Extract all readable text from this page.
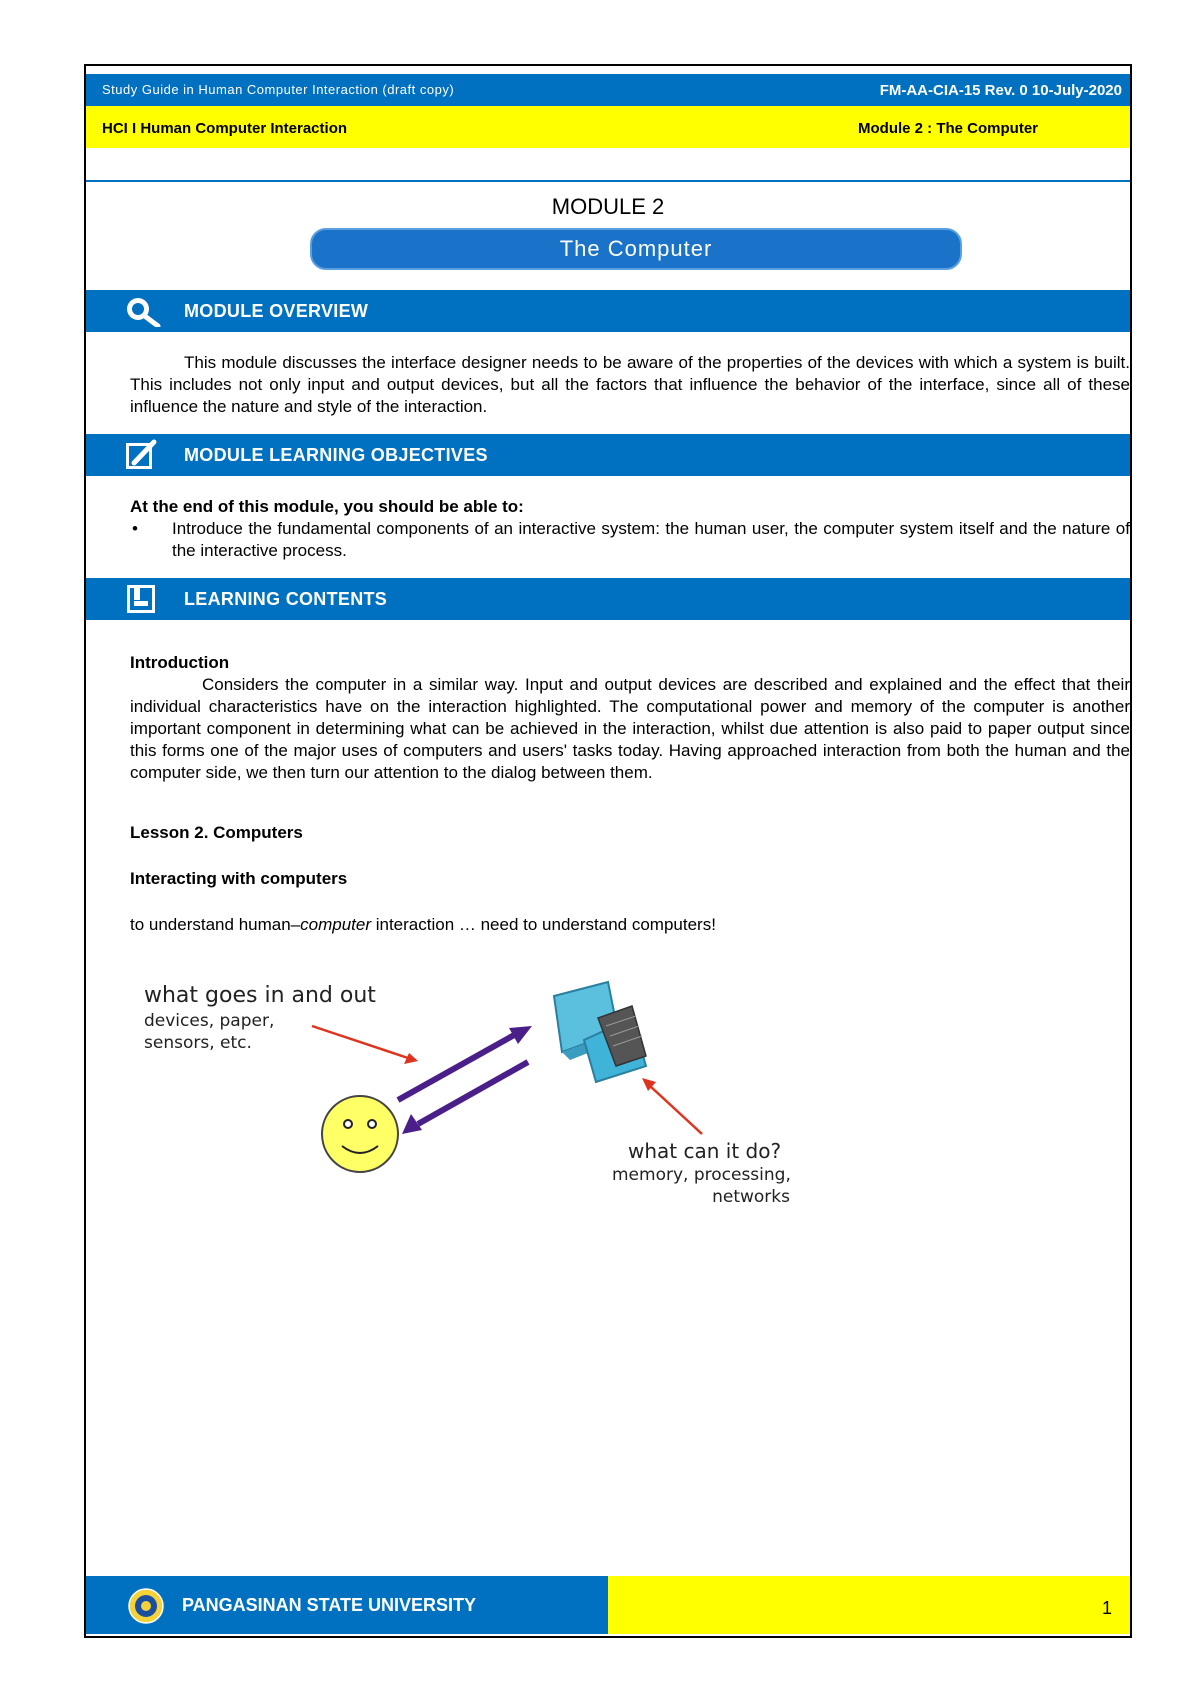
Study Guide in Human Computer Interaction (draft copy)	FM-AA-CIA-15 Rev. 0 10-July-2020
HCI I Human Computer Interaction	Module 2 : The Computer
MODULE 2
The Computer
MODULE OVERVIEW
This module discusses the interface designer needs to be aware of the properties of the devices with which a system is built. This includes not only input and output devices, but all the factors that influence the behavior of the interface, since all of these influence the nature and style of the interaction.
MODULE LEARNING OBJECTIVES
At the end of this module, you should be able to:
• Introduce the fundamental components of an interactive system: the human user, the computer system itself and the nature of the interactive process.
LEARNING CONTENTS
Introduction
Considers the computer in a similar way. Input and output devices are described and explained and the effect that their individual characteristics have on the interaction highlighted. The computational power and memory of the computer is another important component in determining what can be achieved in the interaction, whilst due attention is also paid to paper output since this forms one of the major uses of computers and users' tasks today. Having approached interaction from both the human and the computer side, we then turn our attention to the dialog between them.
Lesson 2. Computers
Interacting with computers
to understand human–computer interaction … need to understand computers!
what goes in and out
devices, paper,
sensors, etc.
what can it do?
memory, processing,
networks
PANGASINAN STATE UNIVERSITY	1
